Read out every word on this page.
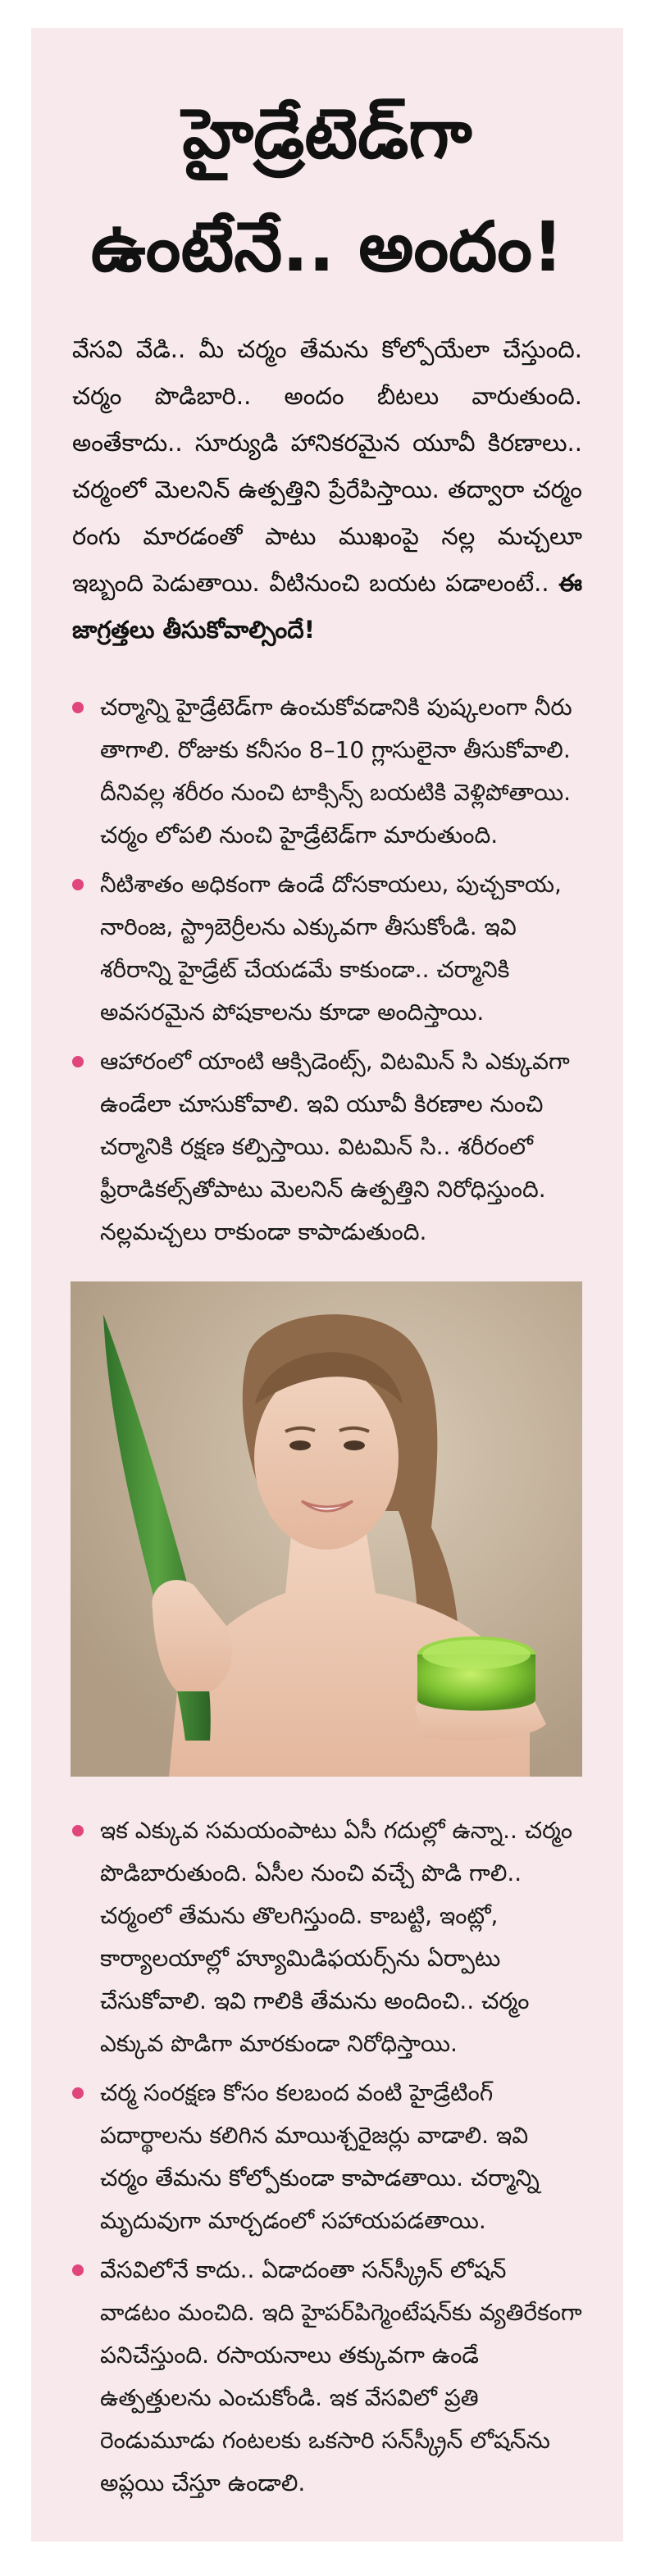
హైడ్రేటెడ్‌గా
ఉంటేనే.. అందం!

వేసవి వేడి.. మీ చర్మం తేమను కోల్పోయేలా చేస్తుంది. చర్మం పొడిబారి.. అందం బీటలు వారుతుంది. అంతేకాదు.. సూర్యుడి హానికరమైన యూవీ కిరణాలు.. చర్మంలో మెలనిన్ ఉత్పత్తిని ప్రేరేపిస్తాయి. తద్వారా చర్మం రంగు మారడంతో పాటు ముఖంపై నల్ల మచ్చలూ ఇబ్బంది పెడుతాయి. వీటినుంచి బయట పడాలంటే.. ఈ జాగ్రత్తలు తీసుకోవాల్సిందే!

చర్మాన్ని హైడ్రేటెడ్‌గా ఉంచుకోవడానికి పుష్కలంగా నీరు తాగాలి. రోజుకు కనీసం 8–10 గ్లాసులైనా తీసుకోవాలి. దీనివల్ల శరీరం నుంచి టాక్సిన్స్ బయటికి వెళ్లిపోతాయి. చర్మం లోపలి నుంచి హైడ్రేటెడ్‌గా మారుతుంది.
నీటిశాతం అధికంగా ఉండే దోసకాయలు, పుచ్చకాయ, నారింజ, స్ట్రాబెర్రీలను ఎక్కువగా తీసుకోండి. ఇవి శరీరాన్ని హైడ్రేట్ చేయడమే కాకుండా.. చర్మానికి అవసరమైన పోషకాలను కూడా అందిస్తాయి.
ఆహారంలో యాంటి ఆక్సిడెంట్స్, విటమిన్ సి ఎక్కువగా ఉండేలా చూసుకోవాలి. ఇవి యూవీ కిరణాల నుంచి చర్మానికి రక్షణ కల్పిస్తాయి. విటమిన్ సి.. శరీరంలో ఫ్రీరాడికల్స్‌తోపాటు మెలనిన్ ఉత్పత్తిని నిరోధిస్తుంది. నల్లమచ్చలు రాకుండా కాపాడుతుంది.
ఇక ఎక్కువ సమయంపాటు ఏసీ గదుల్లో ఉన్నా.. చర్మం పొడిబారుతుంది. ఏసీల నుంచి వచ్చే పొడి గాలి.. చర్మంలో తేమను తొలగిస్తుంది. కాబట్టి, ఇంట్లో, కార్యాలయాల్లో హ్యూమిడిఫయర్స్‌ను ఏర్పాటు చేసుకోవాలి. ఇవి గాలికి తేమను అందించి.. చర్మం ఎక్కువ పొడిగా మారకుండా నిరోధిస్తాయి.
చర్మ సంరక్షణ కోసం కలబంద వంటి హైడ్రేటింగ్ పదార్థాలను కలిగిన మాయిశ్చరైజర్లు వాడాలి. ఇవి చర్మం తేమను కోల్పోకుండా కాపాడతాయి. చర్మాన్ని మృదువుగా మార్చడంలో సహాయపడతాయి.
వేసవిలోనే కాదు.. ఏడాదంతా సన్‌స్క్రీన్ లోషన్ వాడటం మంచిది. ఇది హైపర్‌పిగ్మెంటేషన్‌కు వ్యతిరేకంగా పనిచేస్తుంది. రసాయనాలు తక్కువగా ఉండే ఉత్పత్తులను ఎంచుకోండి. ఇక వేసవిలో ప్రతి రెండుమూడు గంటలకు ఒకసారి సన్‌స్క్రీన్ లోషన్‌ను అప్లయి చేస్తూ ఉండాలి.
